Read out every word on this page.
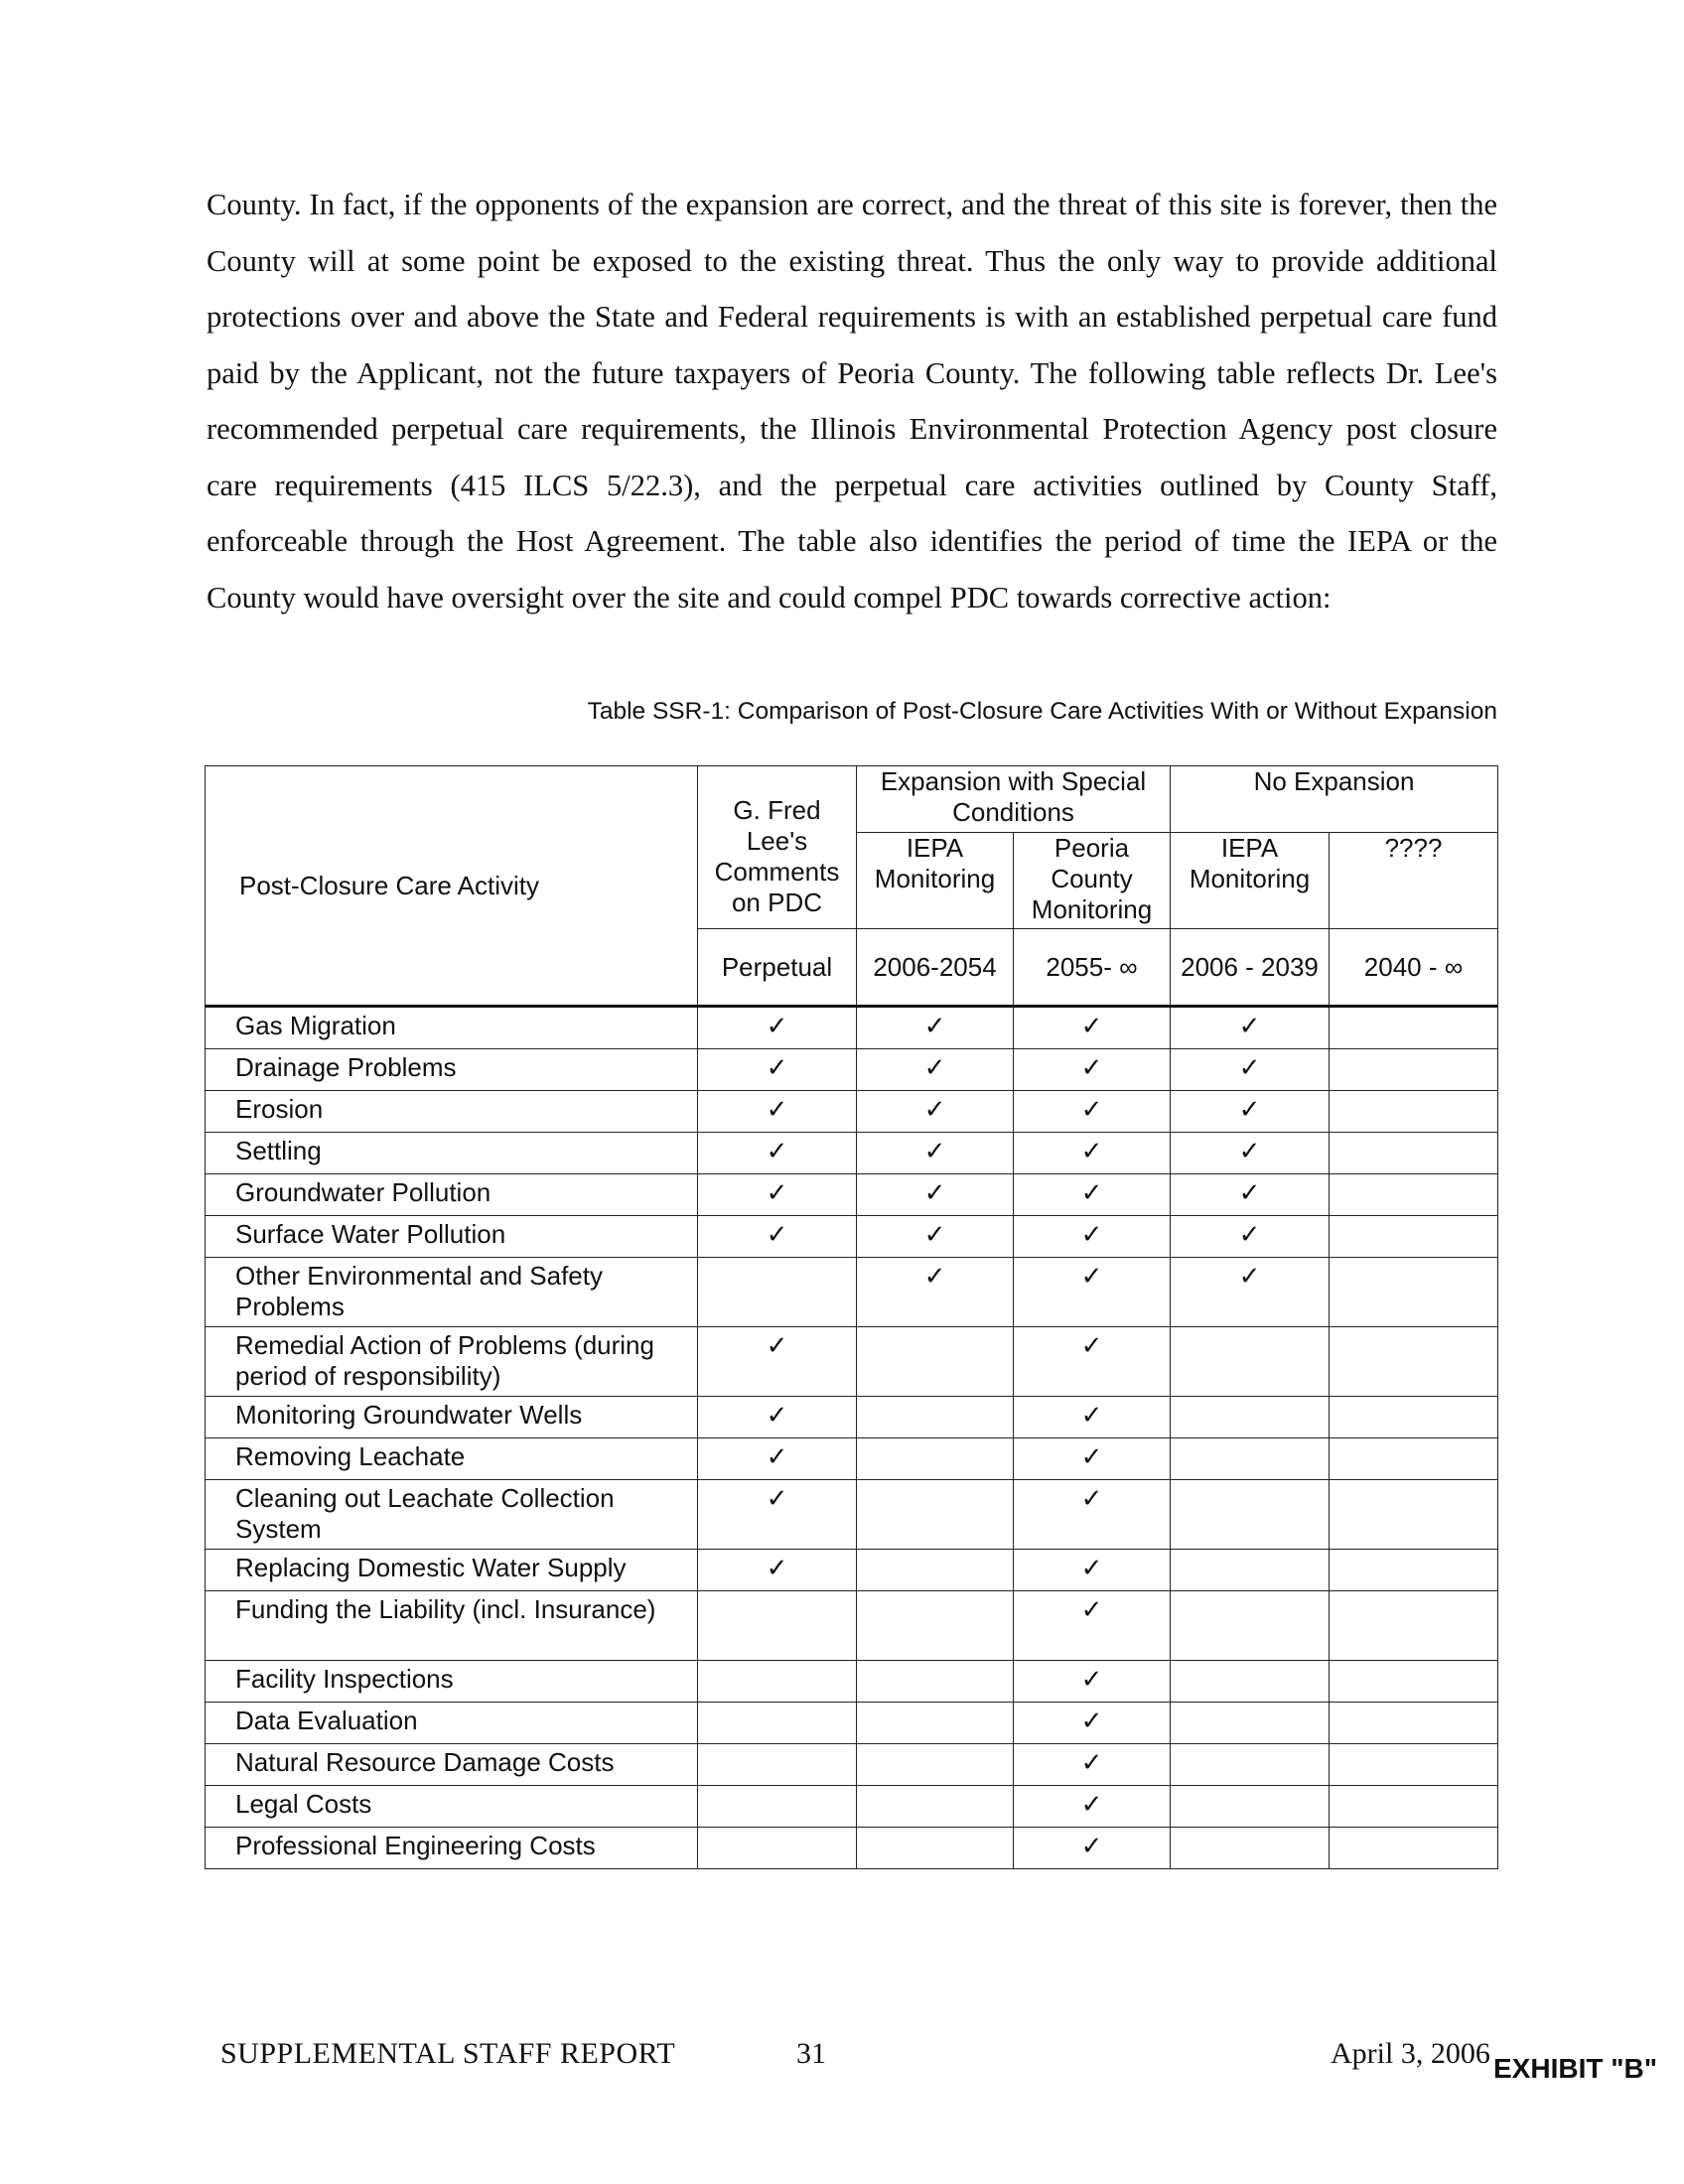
County. In fact, if the opponents of the expansion are correct, and the threat of this site is forever, then the County will at some point be exposed to the existing threat. Thus the only way to provide additional protections over and above the State and Federal requirements is with an established perpetual care fund paid by the Applicant, not the future taxpayers of Peoria County. The following table reflects Dr. Lee's recommended perpetual care requirements, the Illinois Environmental Protection Agency post closure care requirements (415 ILCS 5/22.3), and the perpetual care activities outlined by County Staff, enforceable through the Host Agreement. The table also identifies the period of time the IEPA or the County would have oversight over the site and could compel PDC towards corrective action:

Table SSR-1: Comparison of Post-Closure Care Activities With or Without Expansion
Post-Closure Care Activity	G. Fred Lee's Comments on PDC	Expansion with Special Conditions		No Expansion	
		IEPA Monitoring	Peoria County Monitoring	IEPA Monitoring	????
	Perpetual	2006-2054	2055- ∞	2006 - 2039	2040 - ∞
Gas Migration	✓	✓	✓	✓	
Drainage Problems	✓	✓	✓	✓	
Erosion	✓	✓	✓	✓	
Settling	✓	✓	✓	✓	
Groundwater Pollution	✓	✓	✓	✓	
Surface Water Pollution	✓	✓	✓	✓	
Other Environmental and Safety Problems		✓	✓	✓	
Remedial Action of Problems (during period of responsibility)	✓		✓		
Monitoring Groundwater Wells	✓		✓		
Removing Leachate	✓		✓		
Cleaning out Leachate Collection System	✓		✓		
Replacing Domestic Water Supply	✓		✓		
Funding the Liability (incl. Insurance)			✓		
Facility Inspections			✓		
Data Evaluation			✓		
Natural Resource Damage Costs			✓		
Legal Costs			✓		
Professional Engineering Costs			✓		
SUPPLEMENTAL STAFF REPORT	31	April 3, 2006 EXHIBIT "B"
